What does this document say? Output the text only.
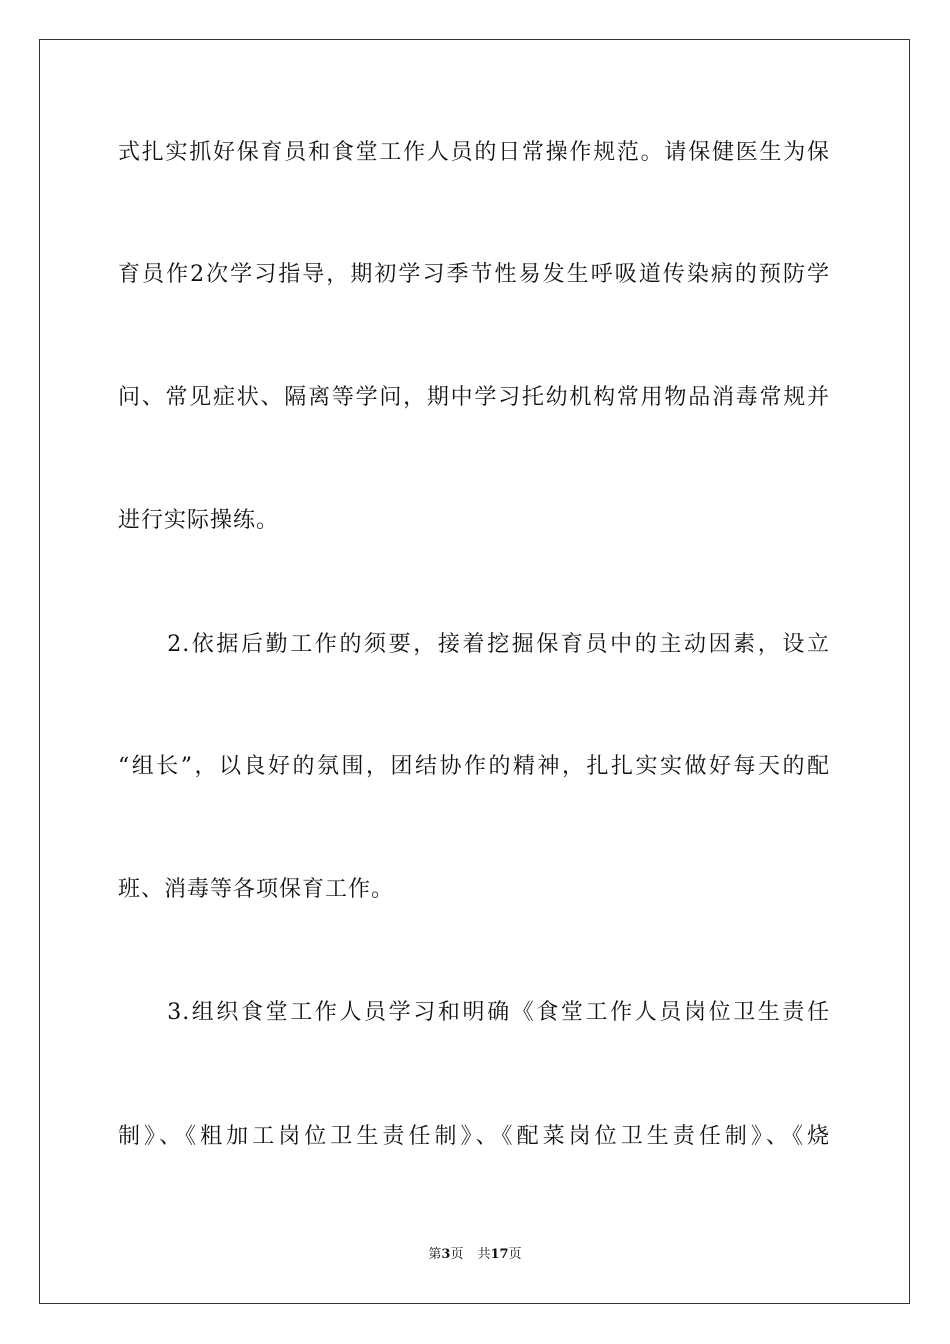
式扎实抓好保育员和食堂工作人员的日常操作规范。请保健医生为保
育员作2次学习指导，期初学习季节性易发生呼吸道传染病的预防学
问、常见症状、隔离等学问，期中学习托幼机构常用物品消毒常规并
进行实际操练。
　　2.依据后勤工作的须要，接着挖掘保育员中的主动因素，设立
“组长”，以良好的氛围，团结协作的精神，扎扎实实做好每天的配
班、消毒等各项保育工作。
　　3.组织食堂工作人员学习和明确《食堂工作人员岗位卫生责任
制》、《粗加工岗位卫生责任制》、《配菜岗位卫生责任制》、《烧
第3页 共17页
